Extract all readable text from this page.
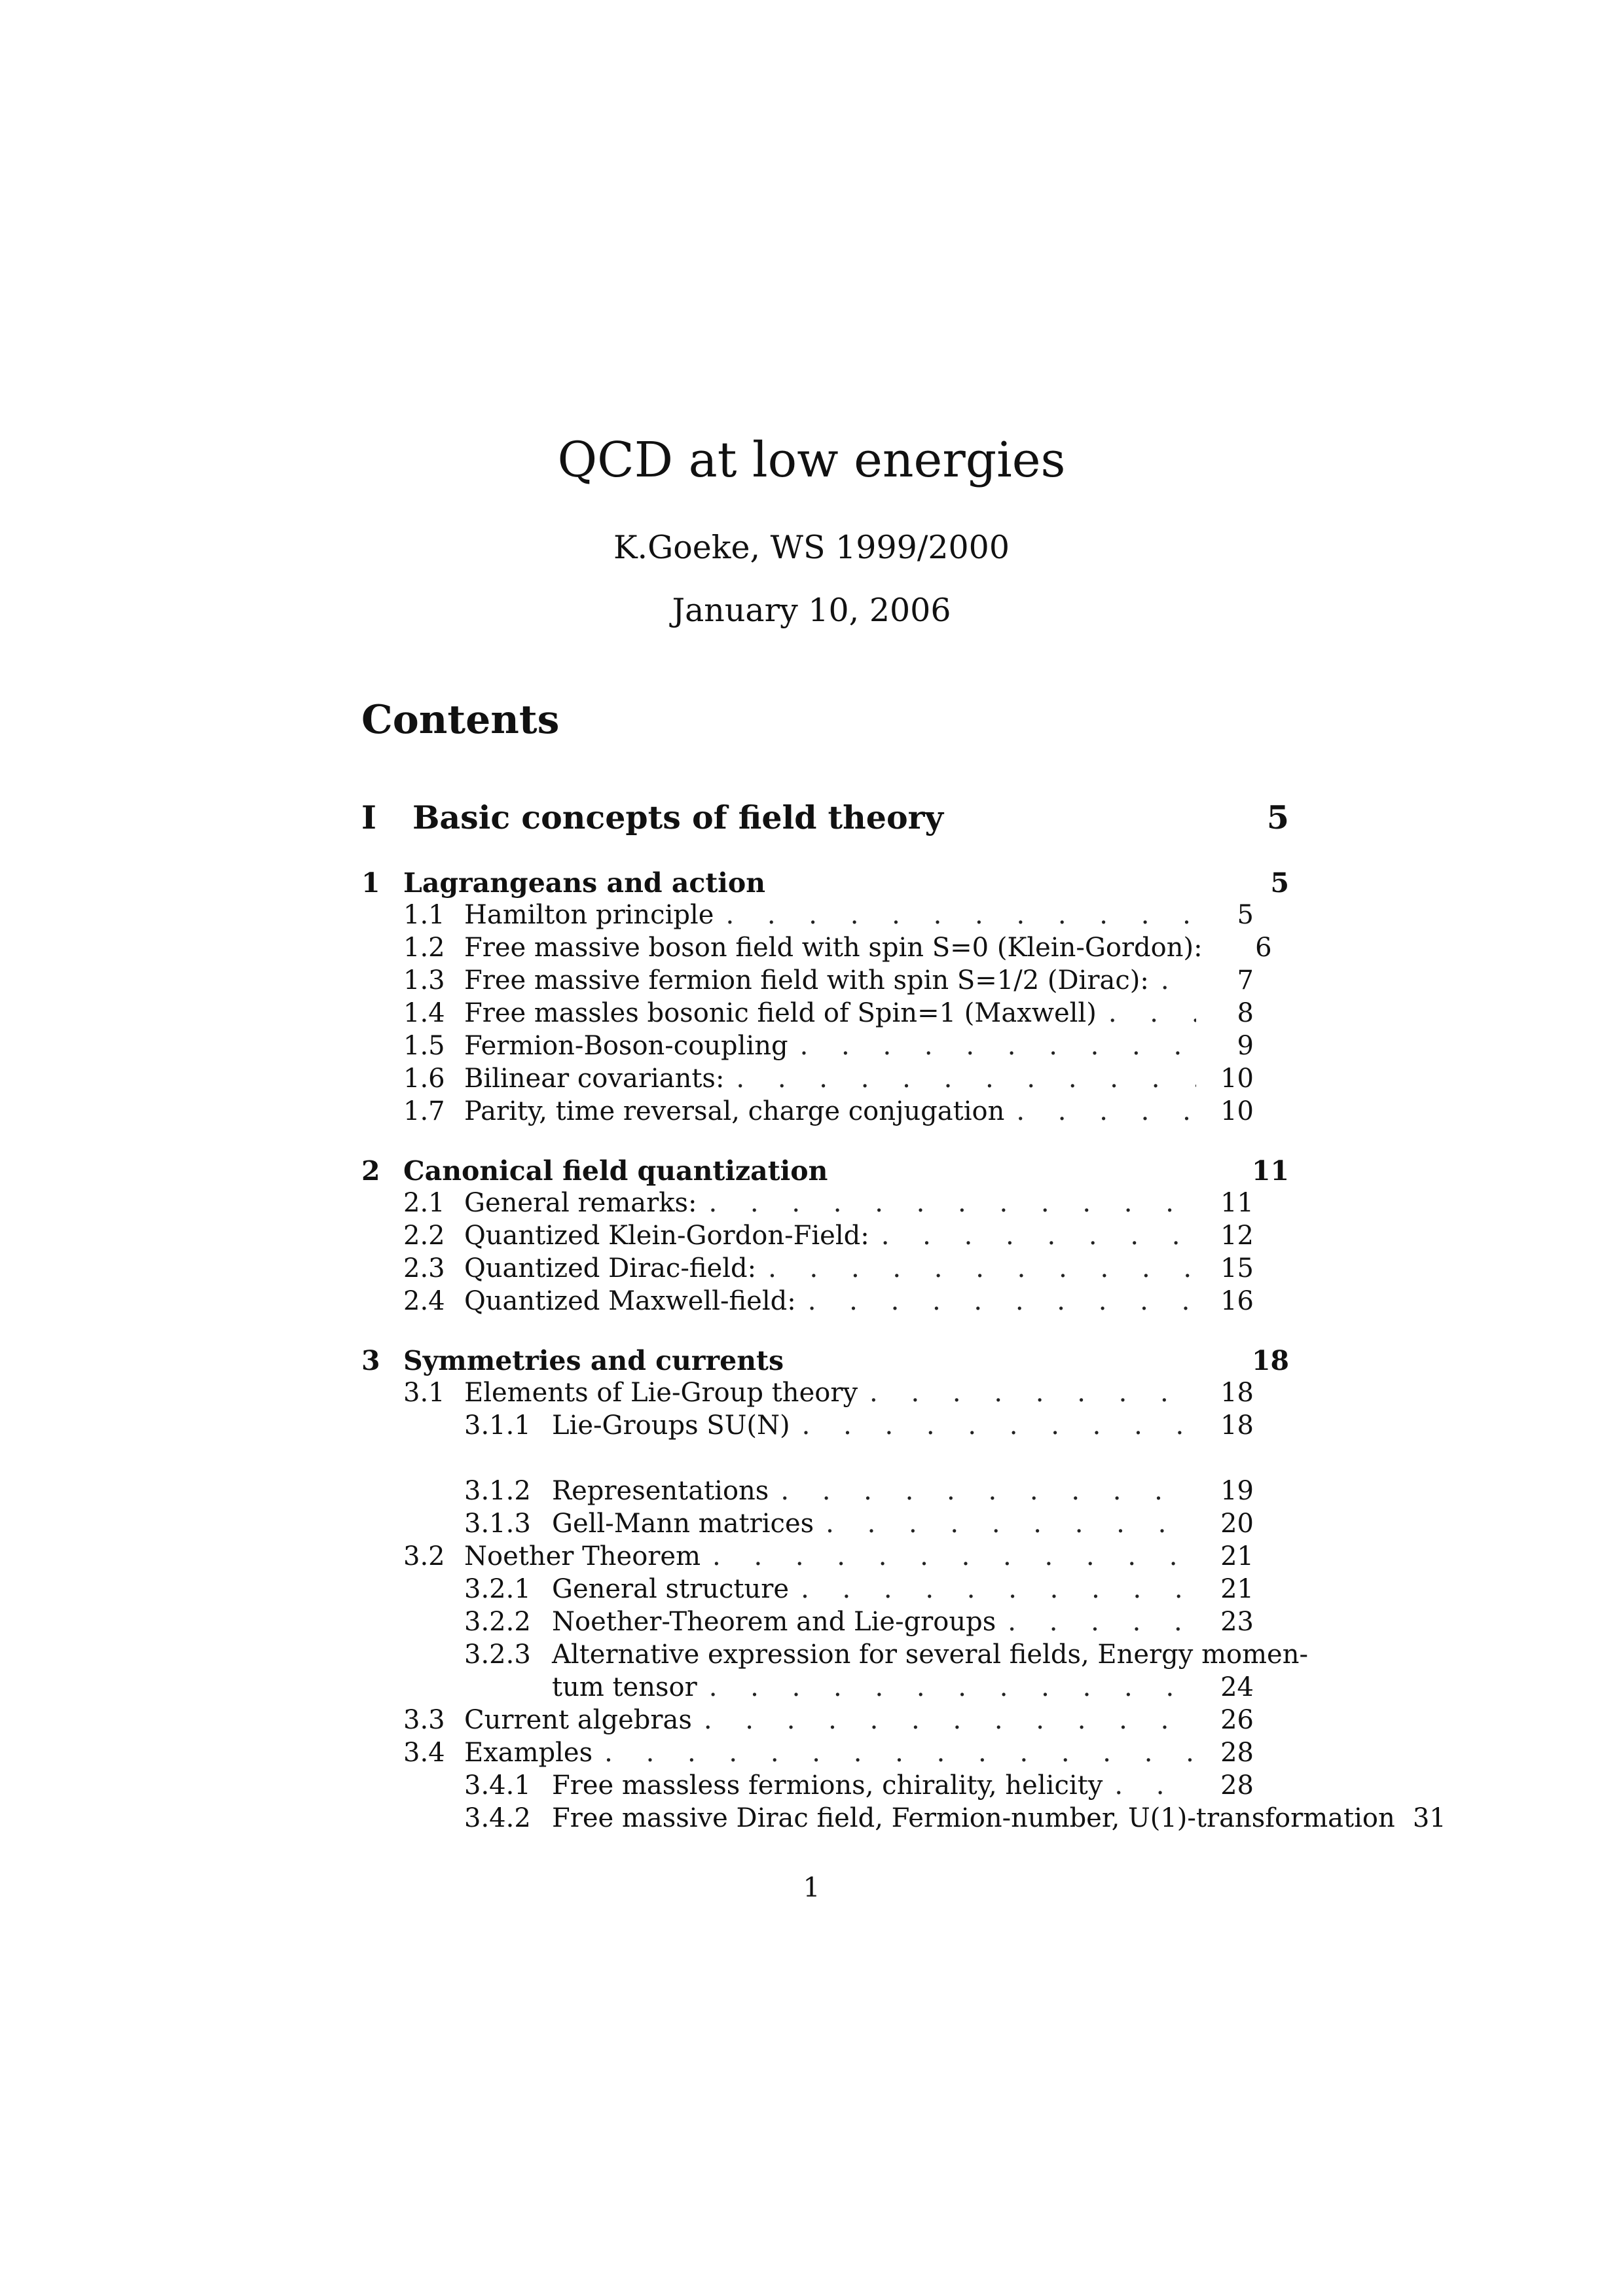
QCD at low energies
K.Goeke, WS 1999/2000
January 10, 2006
Contents
I Basic concepts of field theory	5
1 Lagrangeans and action	5
1.1 Hamilton principle . . .	5
1.2 Free massive boson field with spin S=0 (Klein-Gordon):	6
1.3 Free massive fermion field with spin S=1/2 (Dirac): . . .	7
1.4 Free massles bosonic field of Spin=1 (Maxwell) . . .	8
1.5 Fermion-Boson-coupling . . .	9
1.6 Bilinear covariants: . . .	10
1.7 Parity, time reversal, charge conjugation . . .	10
2 Canonical field quantization	11
2.1 General remarks: . . .	11
2.2 Quantized Klein-Gordon-Field: . . .	12
2.3 Quantized Dirac-field: . . .	15
2.4 Quantized Maxwell-field: . . .	16
3 Symmetries and currents	18
3.1 Elements of Lie-Group theory . . .	18
3.1.1 Lie-Groups SU(N) . . .	18
3.1.2 Representations . . .	19
3.1.3 Gell-Mann matrices . . .	20
3.2 Noether Theorem . . .	21
3.2.1 General structure . . .	21
3.2.2 Noether-Theorem and Lie-groups . . .	23
3.2.3 Alternative expression for several fields, Energy momen-
tum tensor . . .	24
3.3 Current algebras . . .	26
3.4 Examples . . .	28
3.4.1 Free massless fermions, chirality, helicity . . .	28
3.4.2 Free massive Dirac field, Fermion-number, U(1)-transformation 31
1
